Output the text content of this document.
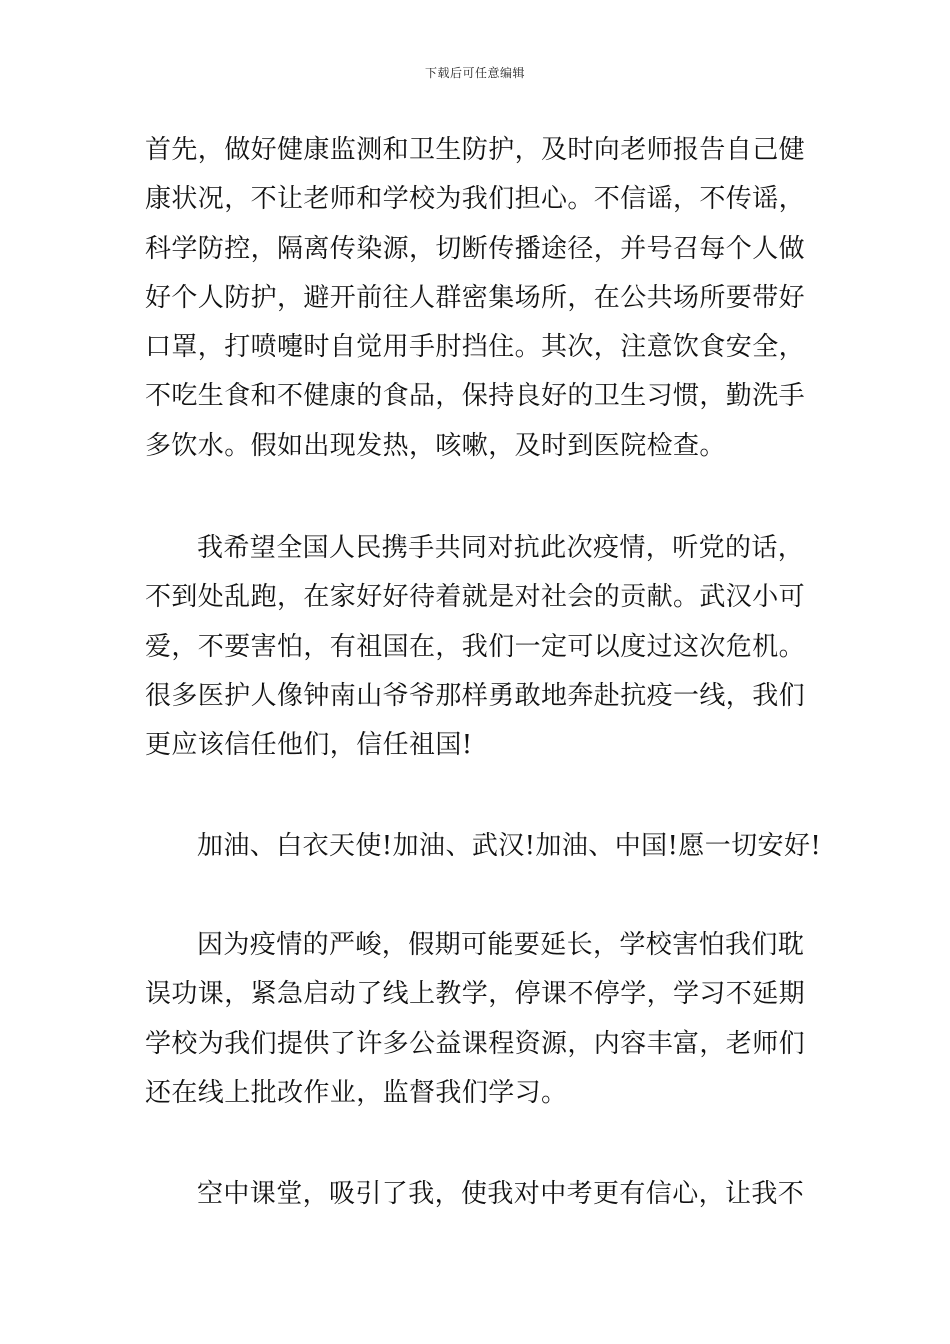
下载后可任意编辑
首先，做好健康监测和卫生防护，及时向老师报告自己健
康状况，不让老师和学校为我们担心。不信谣，不传谣，
科学防控，隔离传染源，切断传播途径，并号召每个人做
好个人防护，避开前往人群密集场所，在公共场所要带好
口罩，打喷嚏时自觉用手肘挡住。其次，注意饮食安全，
不吃生食和不健康的食品，保持良好的卫生习惯，勤洗手
多饮水。假如出现发热，咳嗽，及时到医院检查。
我希望全国人民携手共同对抗此次疫情，听党的话，
不到处乱跑，在家好好待着就是对社会的贡献。武汉小可
爱，不要害怕，有祖国在，我们一定可以度过这次危机。
很多医护人像钟南山爷爷那样勇敢地奔赴抗疫一线，我们
更应该信任他们，信任祖国!
加油、白衣天使!加油、武汉!加油、中国!愿一切安好!
因为疫情的严峻，假期可能要延长，学校害怕我们耽
误功课，紧急启动了线上教学，停课不停学，学习不延期
学校为我们提供了许多公益课程资源，内容丰富，老师们
还在线上批改作业，监督我们学习。
空中课堂，吸引了我，使我对中考更有信心，让我不
